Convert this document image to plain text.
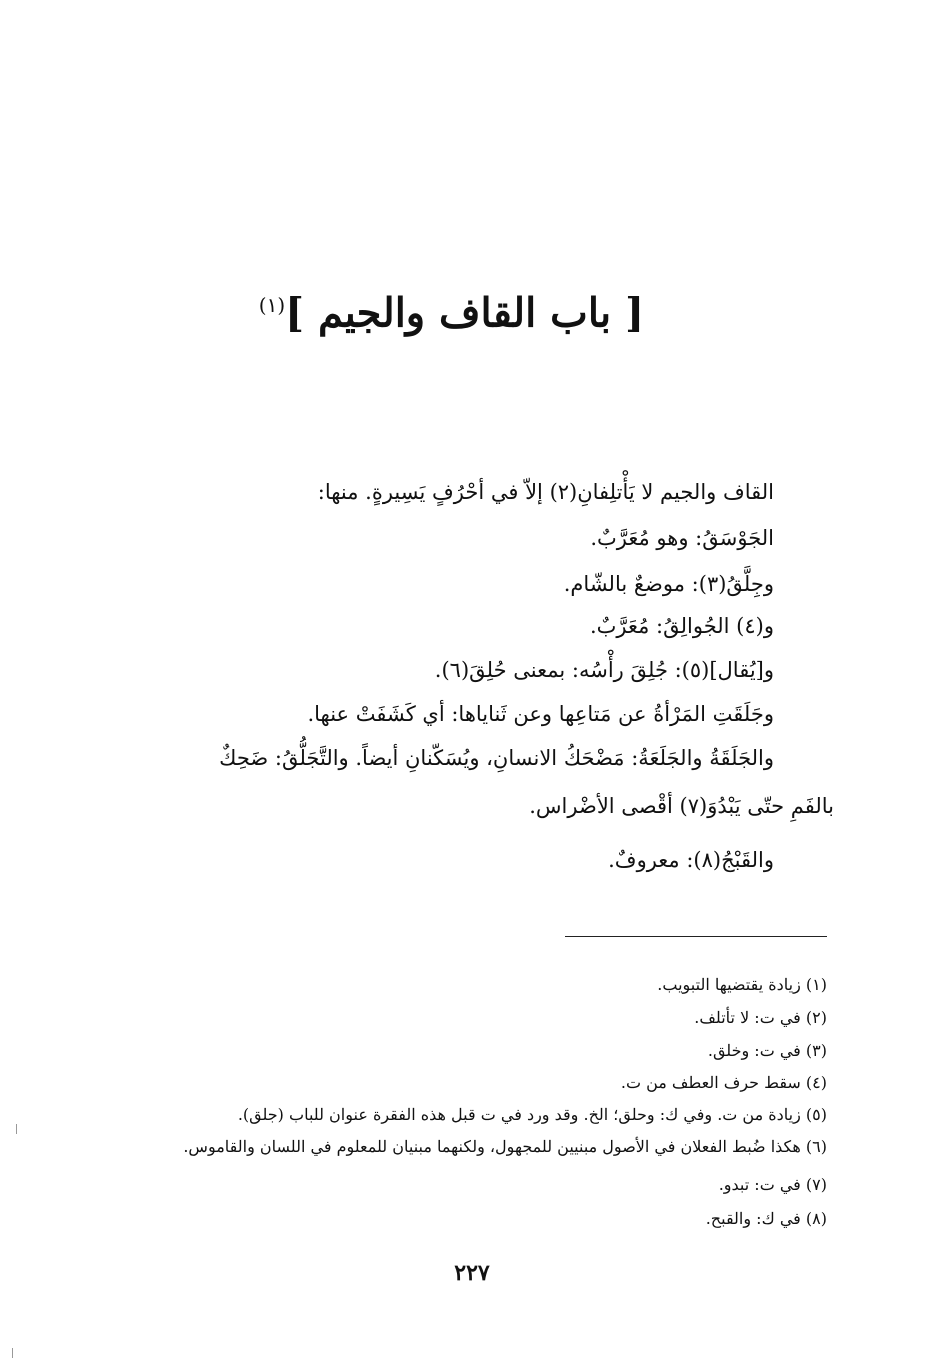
[ باب القاف والجيم ]$^{(١)}$
القاف والجيم لا يَأْتلِفانِ(٢) إلاّ في أحْرُفٍ يَسِيرةٍ. منها:
الجَوْسَقُ: وهو مُعَرَّبٌ.
وجِلَّقُ(٣): موضعٌ بالشّام.
و(٤) الجُوالِقُ: مُعَرَّبٌ.
و[يُقال](٥): جُلِقَ رأْسُه: بمعنى حُلِقَ(٦).
وجَلَقَتِ المَرْأةُ عن مَتاعِها وعن ثَناياها: أي كَشَفَتْ عنها.
والجَلَقَةُ والجَلَعَةُ: مَضْحَكُ الانسانِ، ويُسَكّنانِ أيضاً. والتَّجَلُّقُ: ضَحِكٌ
بالفَمِ حتّى يَبْدُوَ(٧) أقْصى الأضْراس.
والقَبْجُ(٨): معروفٌ.
(١) زيادة يقتضيها التبويب.
(٢) في ت: لا تأتلف.
(٣) في ت: وخلق.
(٤) سقط حرف العطف من ت.
(٥) زيادة من ت. وفي ك: وحلق؛ الخ. وقد ورد في ت قبل هذه الفقرة عنوان للباب (جلق).
(٦) هكذا ضُبط الفعلان في الأصول مبنيين للمجهول، ولكنهما مبنيان للمعلوم في اللسان والقاموس.
(٧) في ت: تبدو.
(٨) في ك: والقبح.
٢٢٧
